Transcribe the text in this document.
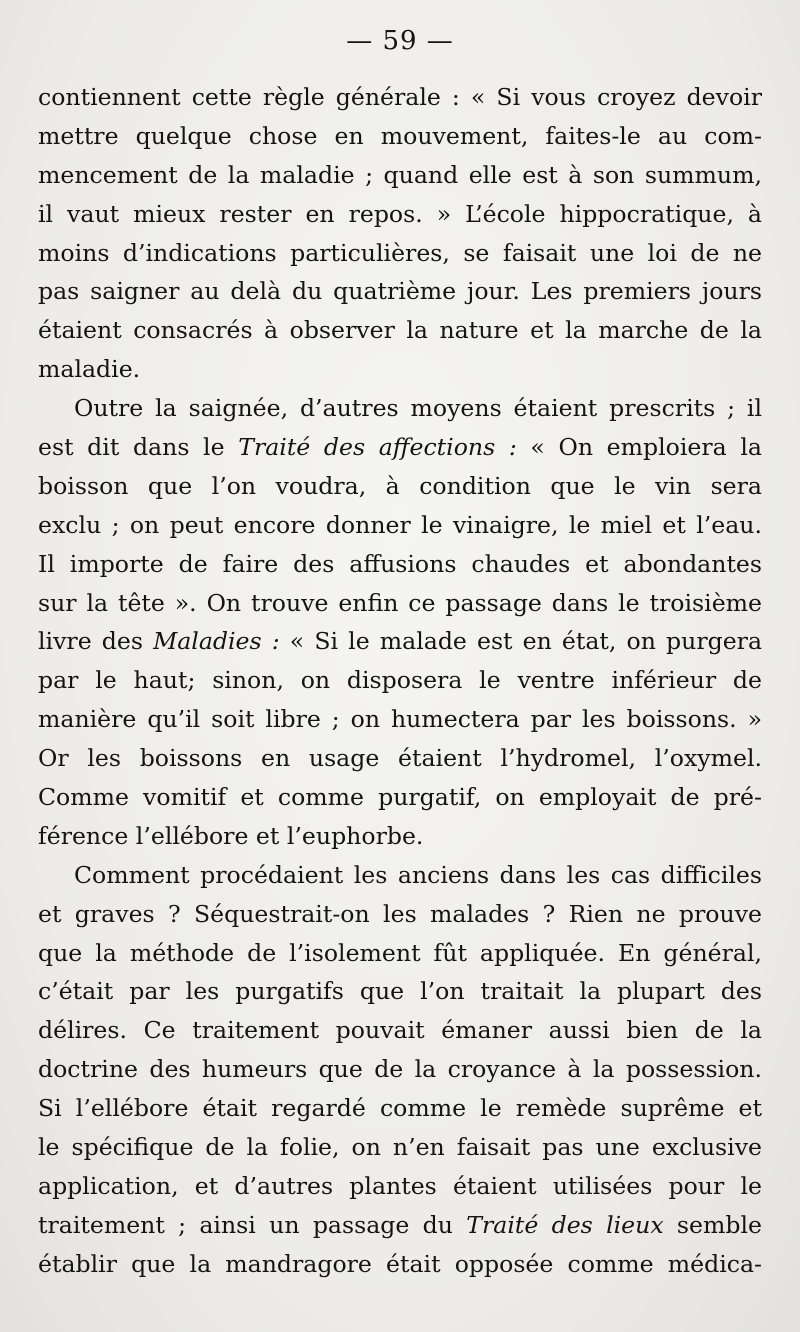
— 59 —
contiennent cette règle générale : « Si vous croyez devoir
mettre quelque chose en mouvement, faites-le au com-
mencement de la maladie ; quand elle est à son summum,
il vaut mieux rester en repos. » L’école hippocratique, à
moins d’indications particulières, se faisait une loi de ne
pas saigner au delà du quatrième jour. Les premiers jours
étaient consacrés à observer la nature et la marche de la
maladie.
Outre la saignée, d’autres moyens étaient prescrits ; il
est dit dans le Traité des affections : « On emploiera la
boisson que l’on voudra, à condition que le vin sera
exclu ; on peut encore donner le vinaigre, le miel et l’eau.
Il importe de faire des affusions chaudes et abondantes
sur la tête ». On trouve enfin ce passage dans le troisième
livre des Maladies : « Si le malade est en état, on purgera
par le haut; sinon, on disposera le ventre inférieur de
manière qu’il soit libre ; on humectera par les boissons. »
Or les boissons en usage étaient l’hydromel, l’oxymel.
Comme vomitif et comme purgatif, on employait de pré-
férence l’ellébore et l’euphorbe.
Comment procédaient les anciens dans les cas difficiles
et graves ? Séquestrait-on les malades ? Rien ne prouve
que la méthode de l’isolement fût appliquée. En général,
c’était par les purgatifs que l’on traitait la plupart des
délires. Ce traitement pouvait émaner aussi bien de la
doctrine des humeurs que de la croyance à la possession.
Si l’ellébore était regardé comme le remède suprême et
le spécifique de la folie, on n’en faisait pas une exclusive
application, et d’autres plantes étaient utilisées pour le
traitement ; ainsi un passage du Traité des lieux semble
établir que la mandragore était opposée comme médica-
